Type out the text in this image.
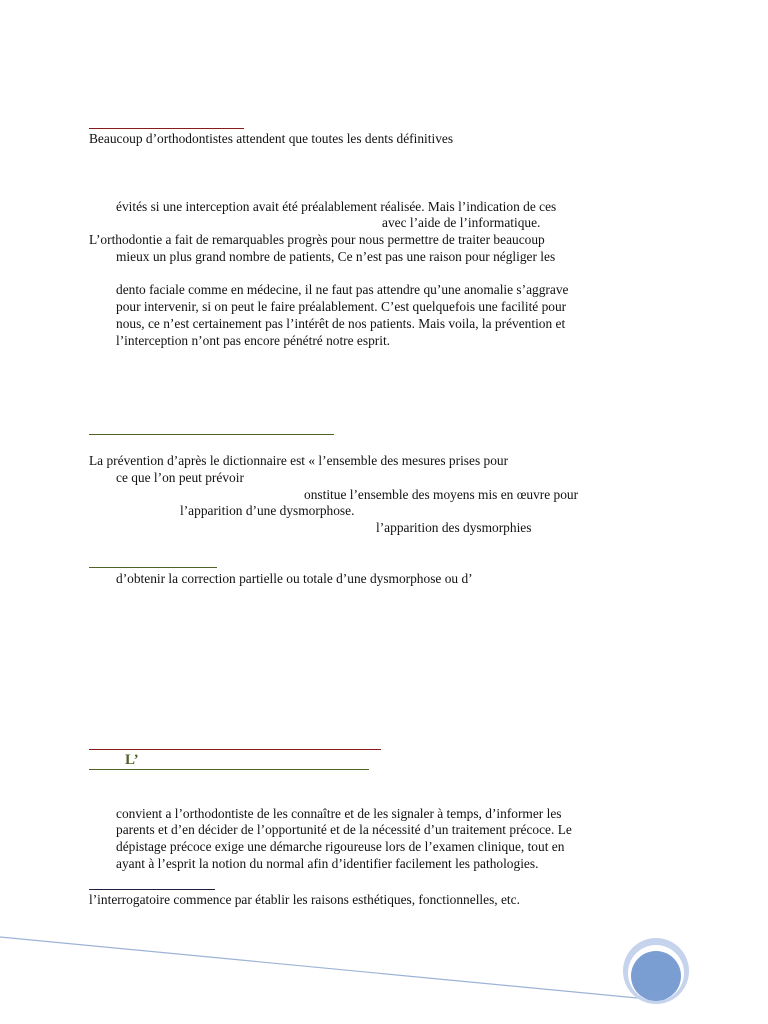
Beaucoup d’orthodontistes attendent que toutes les dents définitives
évités si une interception avait été préalablement réalisée. Mais l’indication de ces
avec l’aide de l’informatique.
L’orthodontie a fait de remarquables progrès pour nous permettre de traiter beaucoup
mieux un plus grand nombre de patients, Ce n’est pas une raison pour négliger les
dento faciale comme en médecine, il ne faut pas attendre qu’une anomalie s’aggrave
pour intervenir, si on peut le faire préalablement. C’est quelquefois une facilité pour
nous, ce n’est certainement pas l’intérêt de nos patients. Mais voila, la prévention et
l’interception n’ont pas encore pénétré notre esprit.
La prévention d’après le dictionnaire est « l’ensemble des mesures prises pour
ce que l’on peut prévoir
onstitue l’ensemble des moyens mis en œuvre pour
l’apparition d’une dysmorphose.
l’apparition des dysmorphies
d’obtenir la correction partielle ou totale d’une dysmorphose ou d’
L’
convient a l’orthodontiste de les connaître et de les signaler à temps, d’informer les
parents et d’en décider de l’opportunité et de la nécessité d’un traitement précoce. Le
dépistage précoce exige une démarche rigoureuse lors de l’examen clinique, tout en
ayant à l’esprit la notion du normal afin d’identifier facilement les pathologies.
l’interrogatoire commence par établir les raisons esthétiques, fonctionnelles, etc.
